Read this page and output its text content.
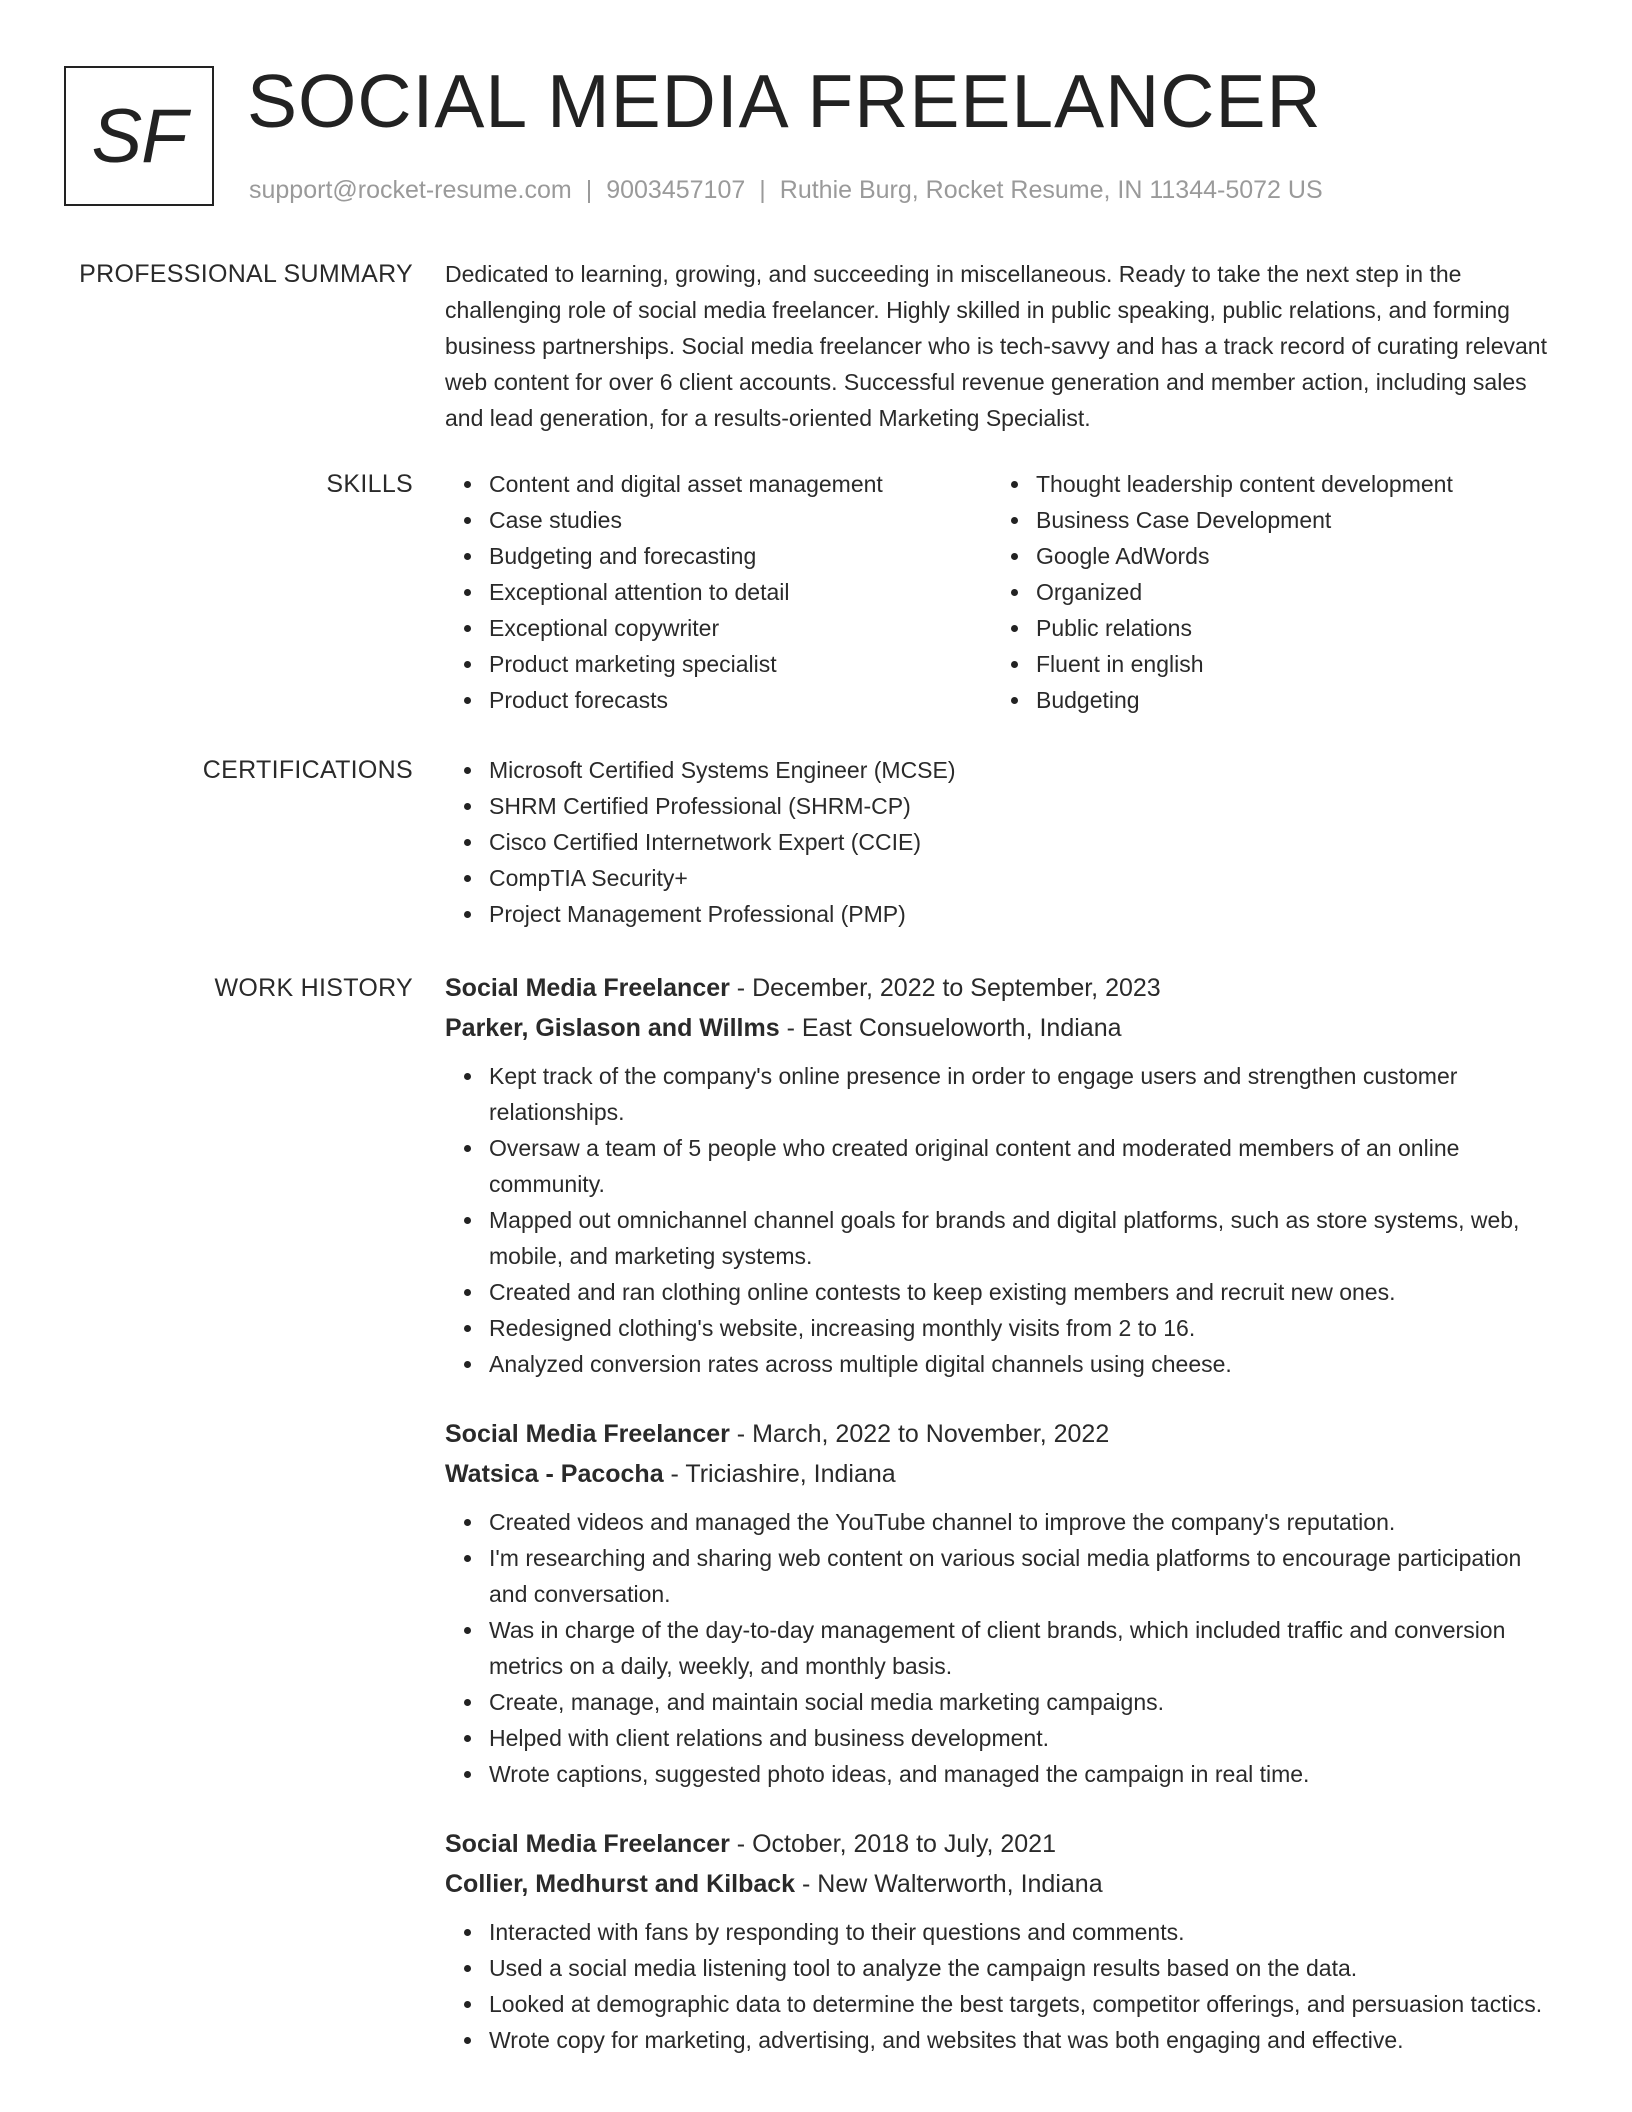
SF SOCIAL MEDIA FREELANCER
support@rocket-resume.com | 9003457107 | Ruthie Burg, Rocket Resume, IN 11344-5072 US
PROFESSIONAL SUMMARY Dedicated to learning, growing, and succeeding in miscellaneous. Ready to take the next step in the challenging role of social media freelancer. Highly skilled in public speaking, public relations, and forming business partnerships. Social media freelancer who is tech-savvy and has a track record of curating relevant web content for over 6 client accounts. Successful revenue generation and member action, including sales and lead generation, for a results-oriented Marketing Specialist.
SKILLS	Content and digital asset management
Case studies
Budgeting and forecasting
Exceptional attention to detail
Exceptional copywriter
Product marketing specialist
Product forecasts
Thought leadership content development
Business Case Development
Google AdWords
Organized
Public relations
Fluent in english
Budgeting
CERTIFICATIONS	Microsoft Certified Systems Engineer (MCSE)
SHRM Certified Professional (SHRM-CP)
Cisco Certified Internetwork Expert (CCIE)
CompTIA Security+
Project Management Professional (PMP)
WORK HISTORY Social Media Freelancer - December, 2022 to September, 2023
Parker, Gislason and Willms - East Consueloworth, Indiana
Kept track of the company's online presence in order to engage users and strengthen customer relationships.
Oversaw a team of 5 people who created original content and moderated members of an online community.
Mapped out omnichannel channel goals for brands and digital platforms, such as store systems, web, mobile, and marketing systems.
Created and ran clothing online contests to keep existing members and recruit new ones.
Redesigned clothing's website, increasing monthly visits from 2 to 16.
Analyzed conversion rates across multiple digital channels using cheese.
Social Media Freelancer - March, 2022 to November, 2022
Watsica - Pacocha - Triciashire, Indiana
Created videos and managed the YouTube channel to improve the company's reputation.
I'm researching and sharing web content on various social media platforms to encourage participation and conversation.
Was in charge of the day-to-day management of client brands, which included traffic and conversion metrics on a daily, weekly, and monthly basis.
Create, manage, and maintain social media marketing campaigns.
Helped with client relations and business development.
Wrote captions, suggested photo ideas, and managed the campaign in real time.
Social Media Freelancer - October, 2018 to July, 2021
Collier, Medhurst and Kilback - New Walterworth, Indiana
Interacted with fans by responding to their questions and comments.
Used a social media listening tool to analyze the campaign results based on the data.
Looked at demographic data to determine the best targets, competitor offerings, and persuasion tactics.
Wrote copy for marketing, advertising, and websites that was both engaging and effective.
